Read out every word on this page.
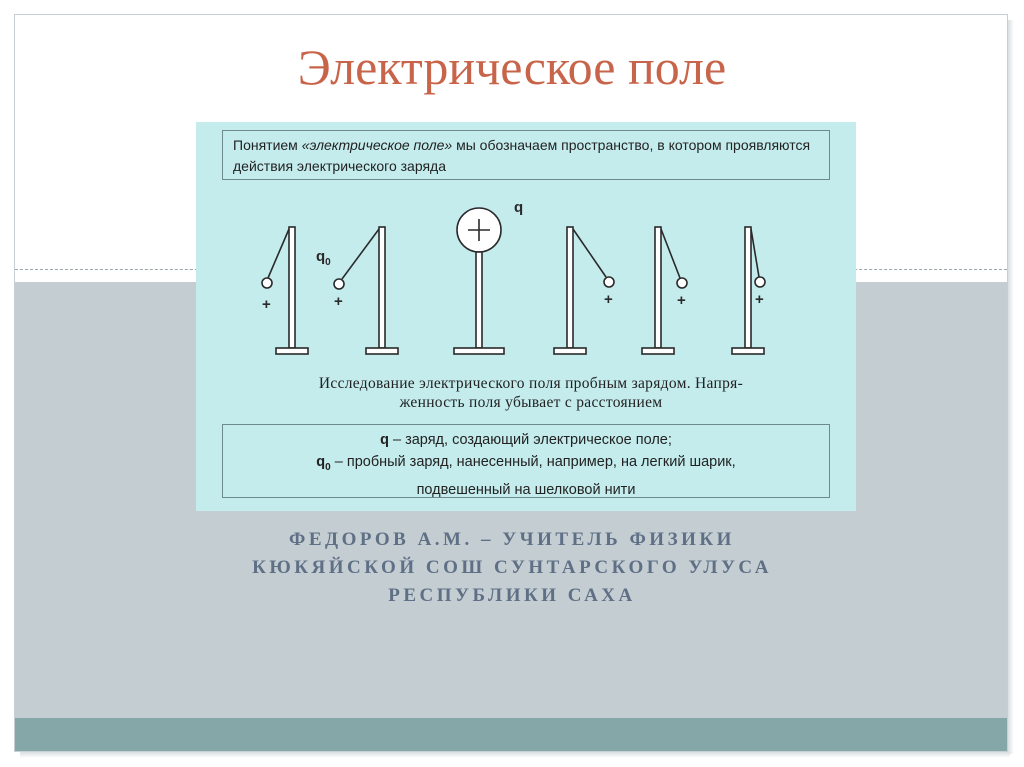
Электрическое поле
Понятием «электрическое поле» мы обозначаем пространство, в котором проявляются действия электрического заряда
q
$q_0$
+	+	+	+	+
Исследование электрического поля пробным зарядом. Напря-
женность поля убывает с расстоянием
q – заряд, создающий электрическое поле;
$q_0$ – пробный заряд, нанесенный, например, на легкий шарик,
подвешенный на шелковой нити
ФЕДОРОВ А.М. – УЧИТЕЛЬ ФИЗИКИ
КЮКЯЙСКОЙ СОШ СУНТАРСКОГО УЛУСА
РЕСПУБЛИКИ САХА
